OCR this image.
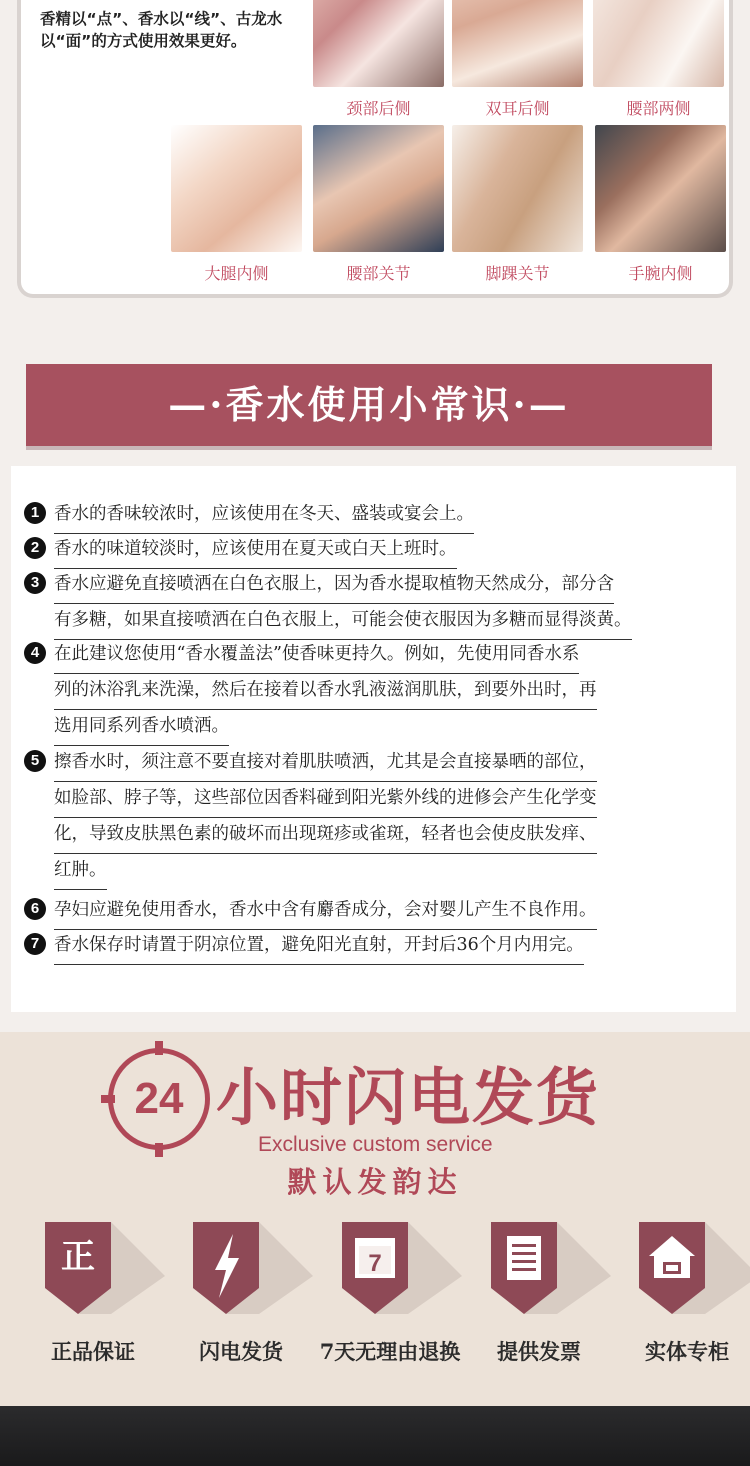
香精以“点”、香水以“线”、古龙水以“面”的方式使用效果更好。
颈部后侧	双耳后侧	腰部两侧
大腿内侧	腰部关节	脚踝关节	手腕内侧
—·香水使用小常识·—
1 香水的香味较浓时，应该使用在冬天、盛装或宴会上。
2 香水的味道较淡时，应该使用在夏天或白天上班时。
3 香水应避免直接喷洒在白色衣服上，因为香水提取植物天然成分，部分含
有多糖，如果直接喷洒在白色衣服上，可能会使衣服因为多糖而显得淡黄。
4 在此建议您使用“香水覆盖法”使香味更持久。例如，先使用同香水系
列的沐浴乳来洗澡，然后在接着以香水乳液滋润肌肤，到要外出时，再
选用同系列香水喷洒。
5 擦香水时，须注意不要直接对着肌肤喷洒，尤其是会直接暴晒的部位，
如脸部、脖子等，这些部位因香料碰到阳光紫外线的进修会产生化学变
化，导致皮肤黑色素的破坏而出现斑疹或雀斑，轻者也会使皮肤发痒、
红肿。
6 孕妇应避免使用香水，香水中含有麝香成分，会对婴儿产生不良作用。
7 香水保存时请置于阴凉位置，避免阳光直射，开封后36个月内用完。
24 小时闪电发货
Exclusive custom service
默认发韵达
正
正品保证	闪电发货
7
7天无理由退换	提供发票	实体专柜
